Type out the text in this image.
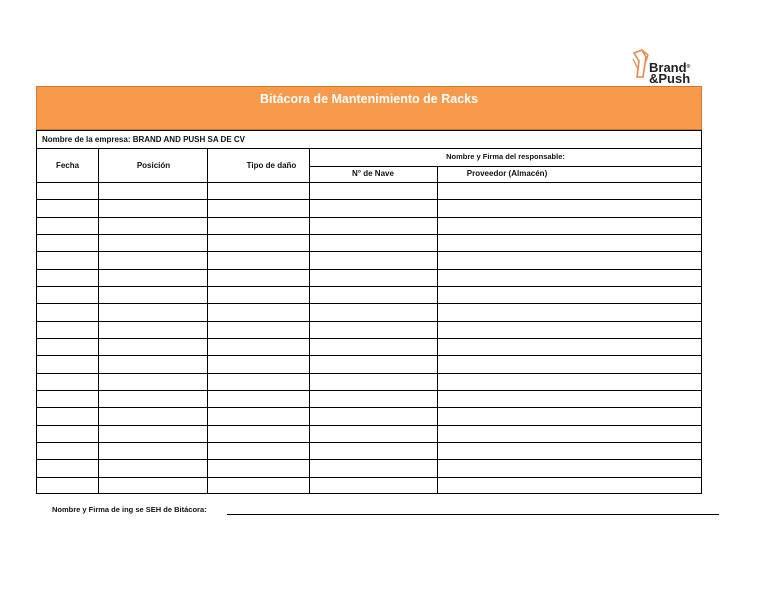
Brand®
&Push
Bitácora de Mantenimiento de Racks
Nombre de la empresa: BRAND AND PUSH SA DE CV
Fecha	Posición	Tipo de daño
Nombre y Firma del responsable:
N° de Nave	Proveedor (Almacén)
Nombre y Firma de ing se SEH de Bitácora:
